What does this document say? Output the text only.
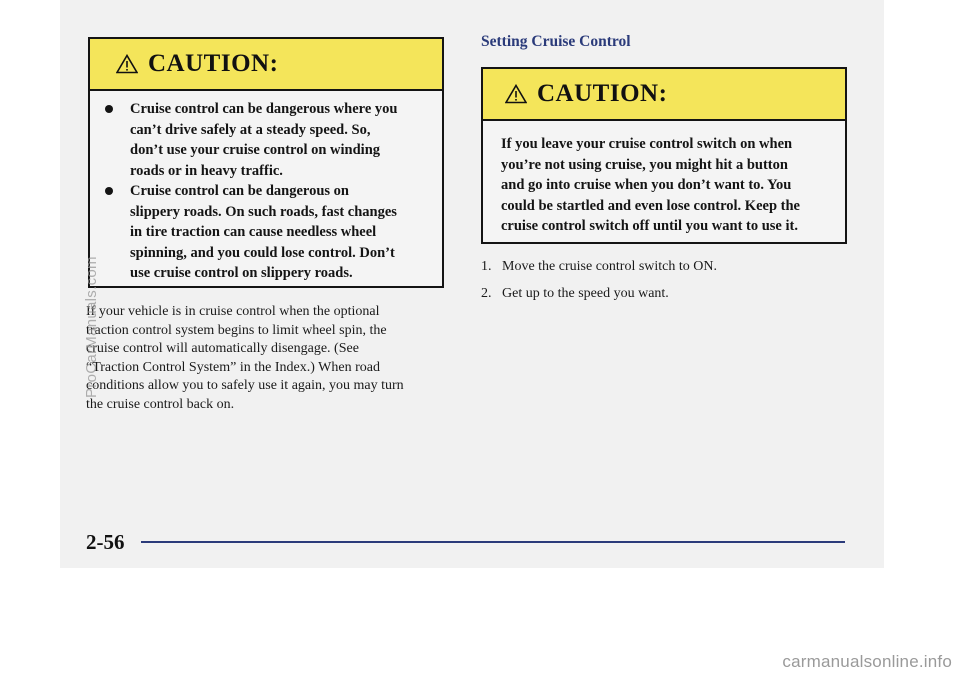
CAUTION:
Cruise control can be dangerous where you
can’t drive safely at a steady speed. So,
don’t use your cruise control on winding
roads or in heavy traffic.
Cruise control can be dangerous on
slippery roads. On such roads, fast changes
in tire traction can cause needless wheel
spinning, and you could lose control. Don’t
use cruise control on slippery roads.
If your vehicle is in cruise control when the optional
traction control system begins to limit wheel spin, the
cruise control will automatically disengage. (See
“Traction Control System” in the Index.) When road
conditions allow you to safely use it again, you may turn
the cruise control back on.
Setting Cruise Control
CAUTION:
If you leave your cruise control switch on when
you’re not using cruise, you might hit a button
and go into cruise when you don’t want to. You
could be startled and even lose control. Keep the
cruise control switch off until you want to use it.
1. Move the cruise control switch to ON.
2. Get up to the speed you want.
2-56
ProCarManuals.com
carmanualsonline.info
